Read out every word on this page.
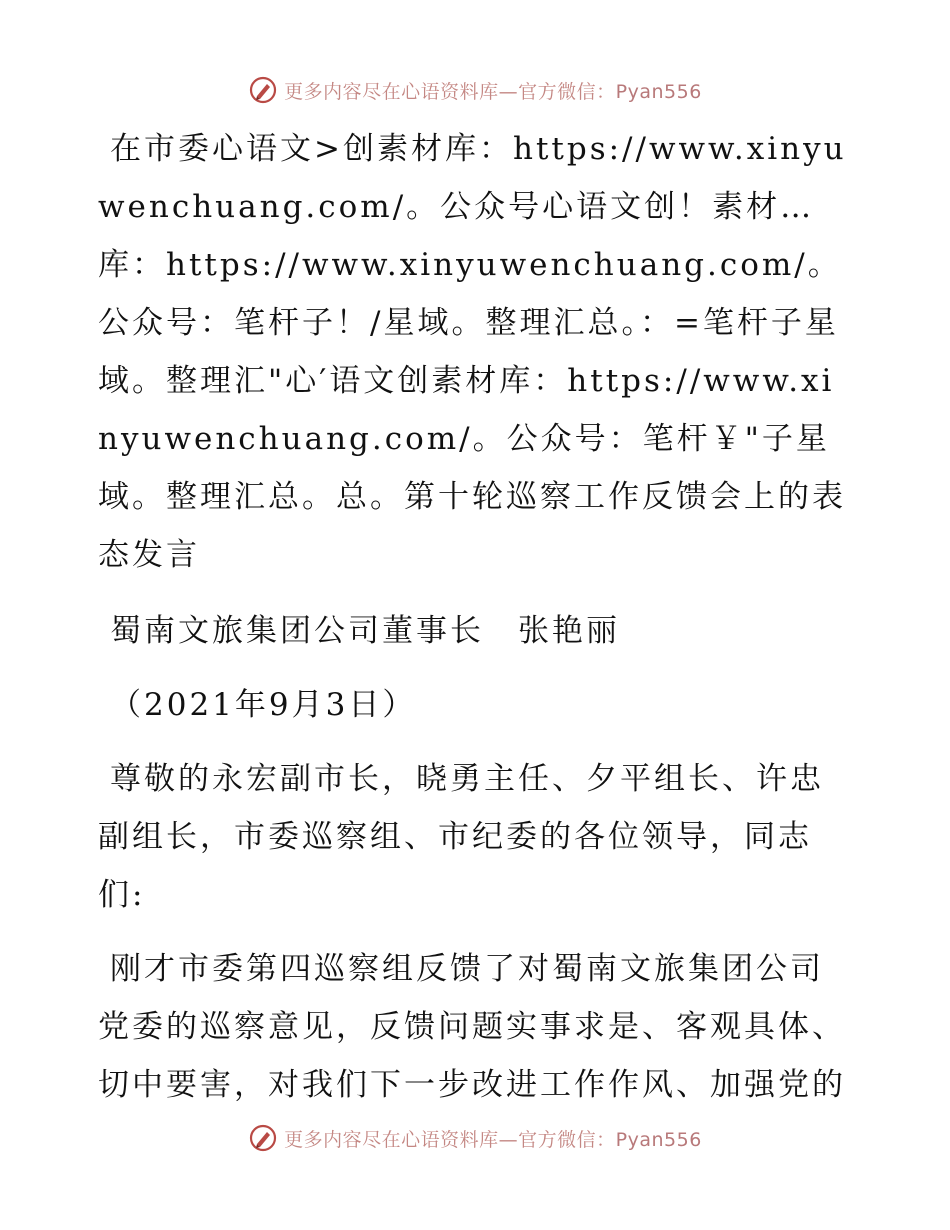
更多内容尽在心语资料库—官方微信：Pyan556

在市委心语文>创素材库：https://www.xinyuwenchuang.com/。公众号心语文创！素材…库：https://www.xinyuwenchuang.com/。公众号：笔杆子！/星域。整理汇总。：=笔杆子星域。整理汇"心′语文创素材库：https://www.xinyuwenchuang.com/。公众号：笔杆￥"子星域。整理汇总。总。第十轮巡察工作反馈会上的表态发言

蜀南文旅集团公司董事长　张艳丽

（2021年9月3日）

尊敬的永宏副市长，晓勇主任、夕平组长、许忠副组长，市委巡察组、市纪委的各位领导，同志们:

刚才市委第四巡察组反馈了对蜀南文旅集团公司党委的巡察意见，反馈问题实事求是、客观具体、切中要害，对我们下一步改进工作作风、加强党的

更多内容尽在心语资料库—官方微信：Pyan556
